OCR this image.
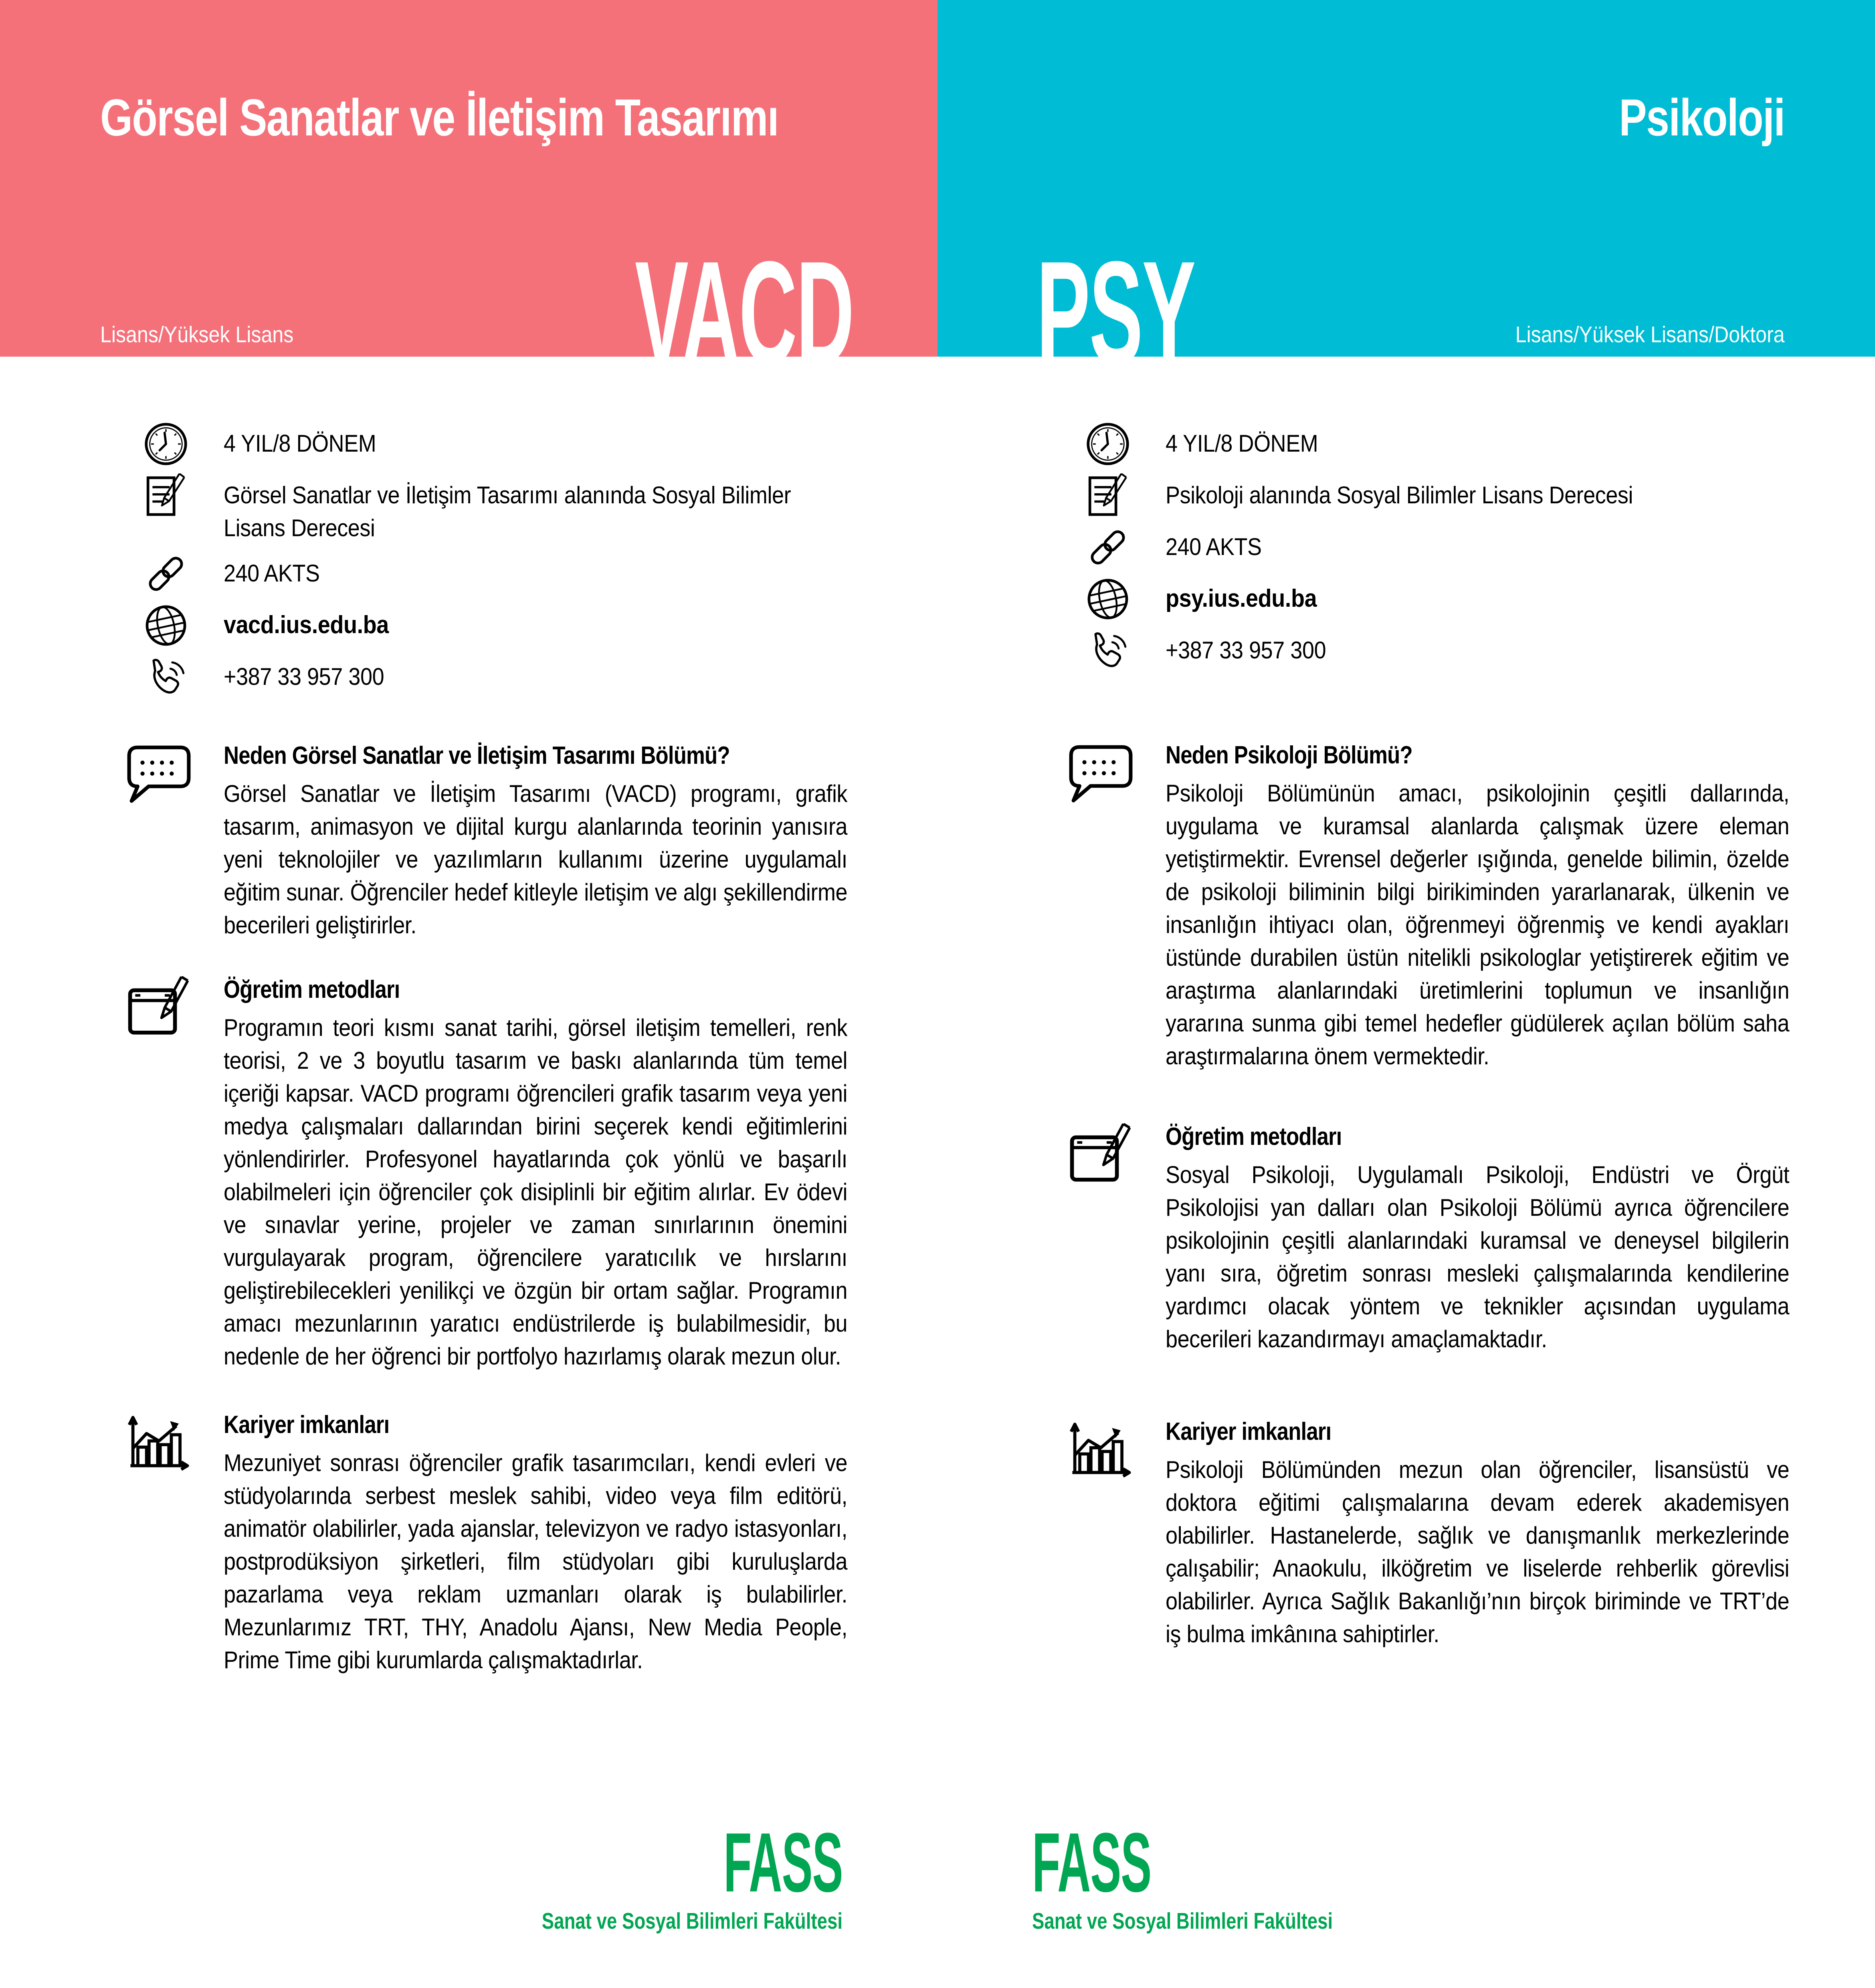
Görsel Sanatlar ve İletişim Tasarımı
Lisans/Yüksek Lisans VACD
Psikoloji
Lisans/Yüksek Lisans/Doktora
PSY
4 YIL/8 DÖNEM
Görsel Sanatlar ve İletişim Tasarımı alanında Sosyal Bilimler Lisans Derecesi
240 AKTS
vacd.ius.edu.ba
+387 33 957 300
Neden Görsel Sanatlar ve İletişim Tasarımı Bölümü?

Görsel Sanatlar ve İletişim Tasarımı (VACD) programı, grafik tasarım, animasyon ve dijital kurgu alanlarında teorinin yanısıra yeni teknolojiler ve yazılımların kullanımı üzerine uygulamalı eğitim sunar. Öğrenciler hedef kitleyle iletişim ve algı şekillendirme becerileri geliştirirler.

Öğretim metodları

Programın teori kısmı sanat tarihi, görsel iletişim temelleri, renk teorisi, 2 ve 3 boyutlu tasarım ve baskı alanlarında tüm temel içeriği kapsar. VACD programı öğrencileri grafik tasarım veya yeni medya çalışmaları dallarından birini seçerek kendi eğitimlerini yönlendirirler. Profesyonel hayatlarında çok yönlü ve başarılı olabilmeleri için öğrenciler çok disiplinli bir eğitim alırlar. Ev ödevi ve sınavlar yerine, projeler ve zaman sınırlarının önemini vurgulayarak program, öğrencilere yaratıcılık ve hırslarını geliştirebilecekleri yenilikçi ve özgün bir ortam sağlar. Programın amacı mezunlarının yaratıcı endüstrilerde iş bulabilmesidir, bu nedenle de her öğrenci bir portfolyo hazırlamış olarak mezun olur.

Kariyer imkanları

Mezuniyet sonrası öğrenciler grafik tasarımcıları, kendi evleri ve stüdyolarında serbest meslek sahibi, video veya film editörü, animatör olabilirler, yada ajanslar, televizyon ve radyo istasyonları, postprodüksiyon şirketleri, film stüdyoları gibi kuruluşlarda pazarlama veya reklam uzmanları olarak iş bulabilirler. Mezunlarımız TRT, THY, Anadolu Ajansı, New Media People, Prime Time gibi kurumlarda çalışmaktadırlar.

4 YIL/8 DÖNEM
Psikoloji alanında Sosyal Bilimler Lisans Derecesi
240 AKTS
psy.ius.edu.ba
+387 33 957 300
Neden Psikoloji Bölümü?

Psikoloji Bölümünün amacı, psikolojinin çeşitli dallarında, uygulama ve kuramsal alanlarda çalışmak üzere eleman yetiştirmektir. Evrensel değerler ışığında, genelde bilimin, özelde de psikoloji biliminin bilgi birikiminden yararlanarak, ülkenin ve insanlığın ihtiyacı olan, öğrenmeyi öğrenmiş ve kendi ayakları üstünde durabilen üstün nitelikli psikologlar yetiştirerek eğitim ve araştırma alanlarındaki üretimlerini toplumun ve insanlığın yararına sunma gibi temel hedefler güdülerek açılan bölüm saha araştırmalarına önem vermektedir.

Öğretim metodları

Sosyal Psikoloji, Uygulamalı Psikoloji, Endüstri ve Örgüt Psikolojisi yan dalları olan Psikoloji Bölümü ayrıca öğrencilere psikolojinin çeşitli alanlarındaki kuramsal ve deneysel bilgilerin yanı sıra, öğretim sonrası mesleki çalışmalarında kendilerine yardımcı olacak yöntem ve teknikler açısından uygulama becerileri kazandırmayı amaçlamaktadır.

Kariyer imkanları

Psikoloji Bölümünden mezun olan öğrenciler, lisansüstü ve doktora eğitimi çalışmalarına devam ederek akademisyen olabilirler. Hastanelerde, sağlık ve danışmanlık merkezlerinde çalışabilir; Anaokulu, ilköğretim ve liselerde rehberlik görevlisi olabilirler. Ayrıca Sağlık Bakanlığı’nın birçok biriminde ve TRT’de iş bulma imkânına sahiptirler.

FASS
Sanat ve Sosyal Bilimleri Fakültesi
FASS
Sanat ve Sosyal Bilimleri Fakültesi
